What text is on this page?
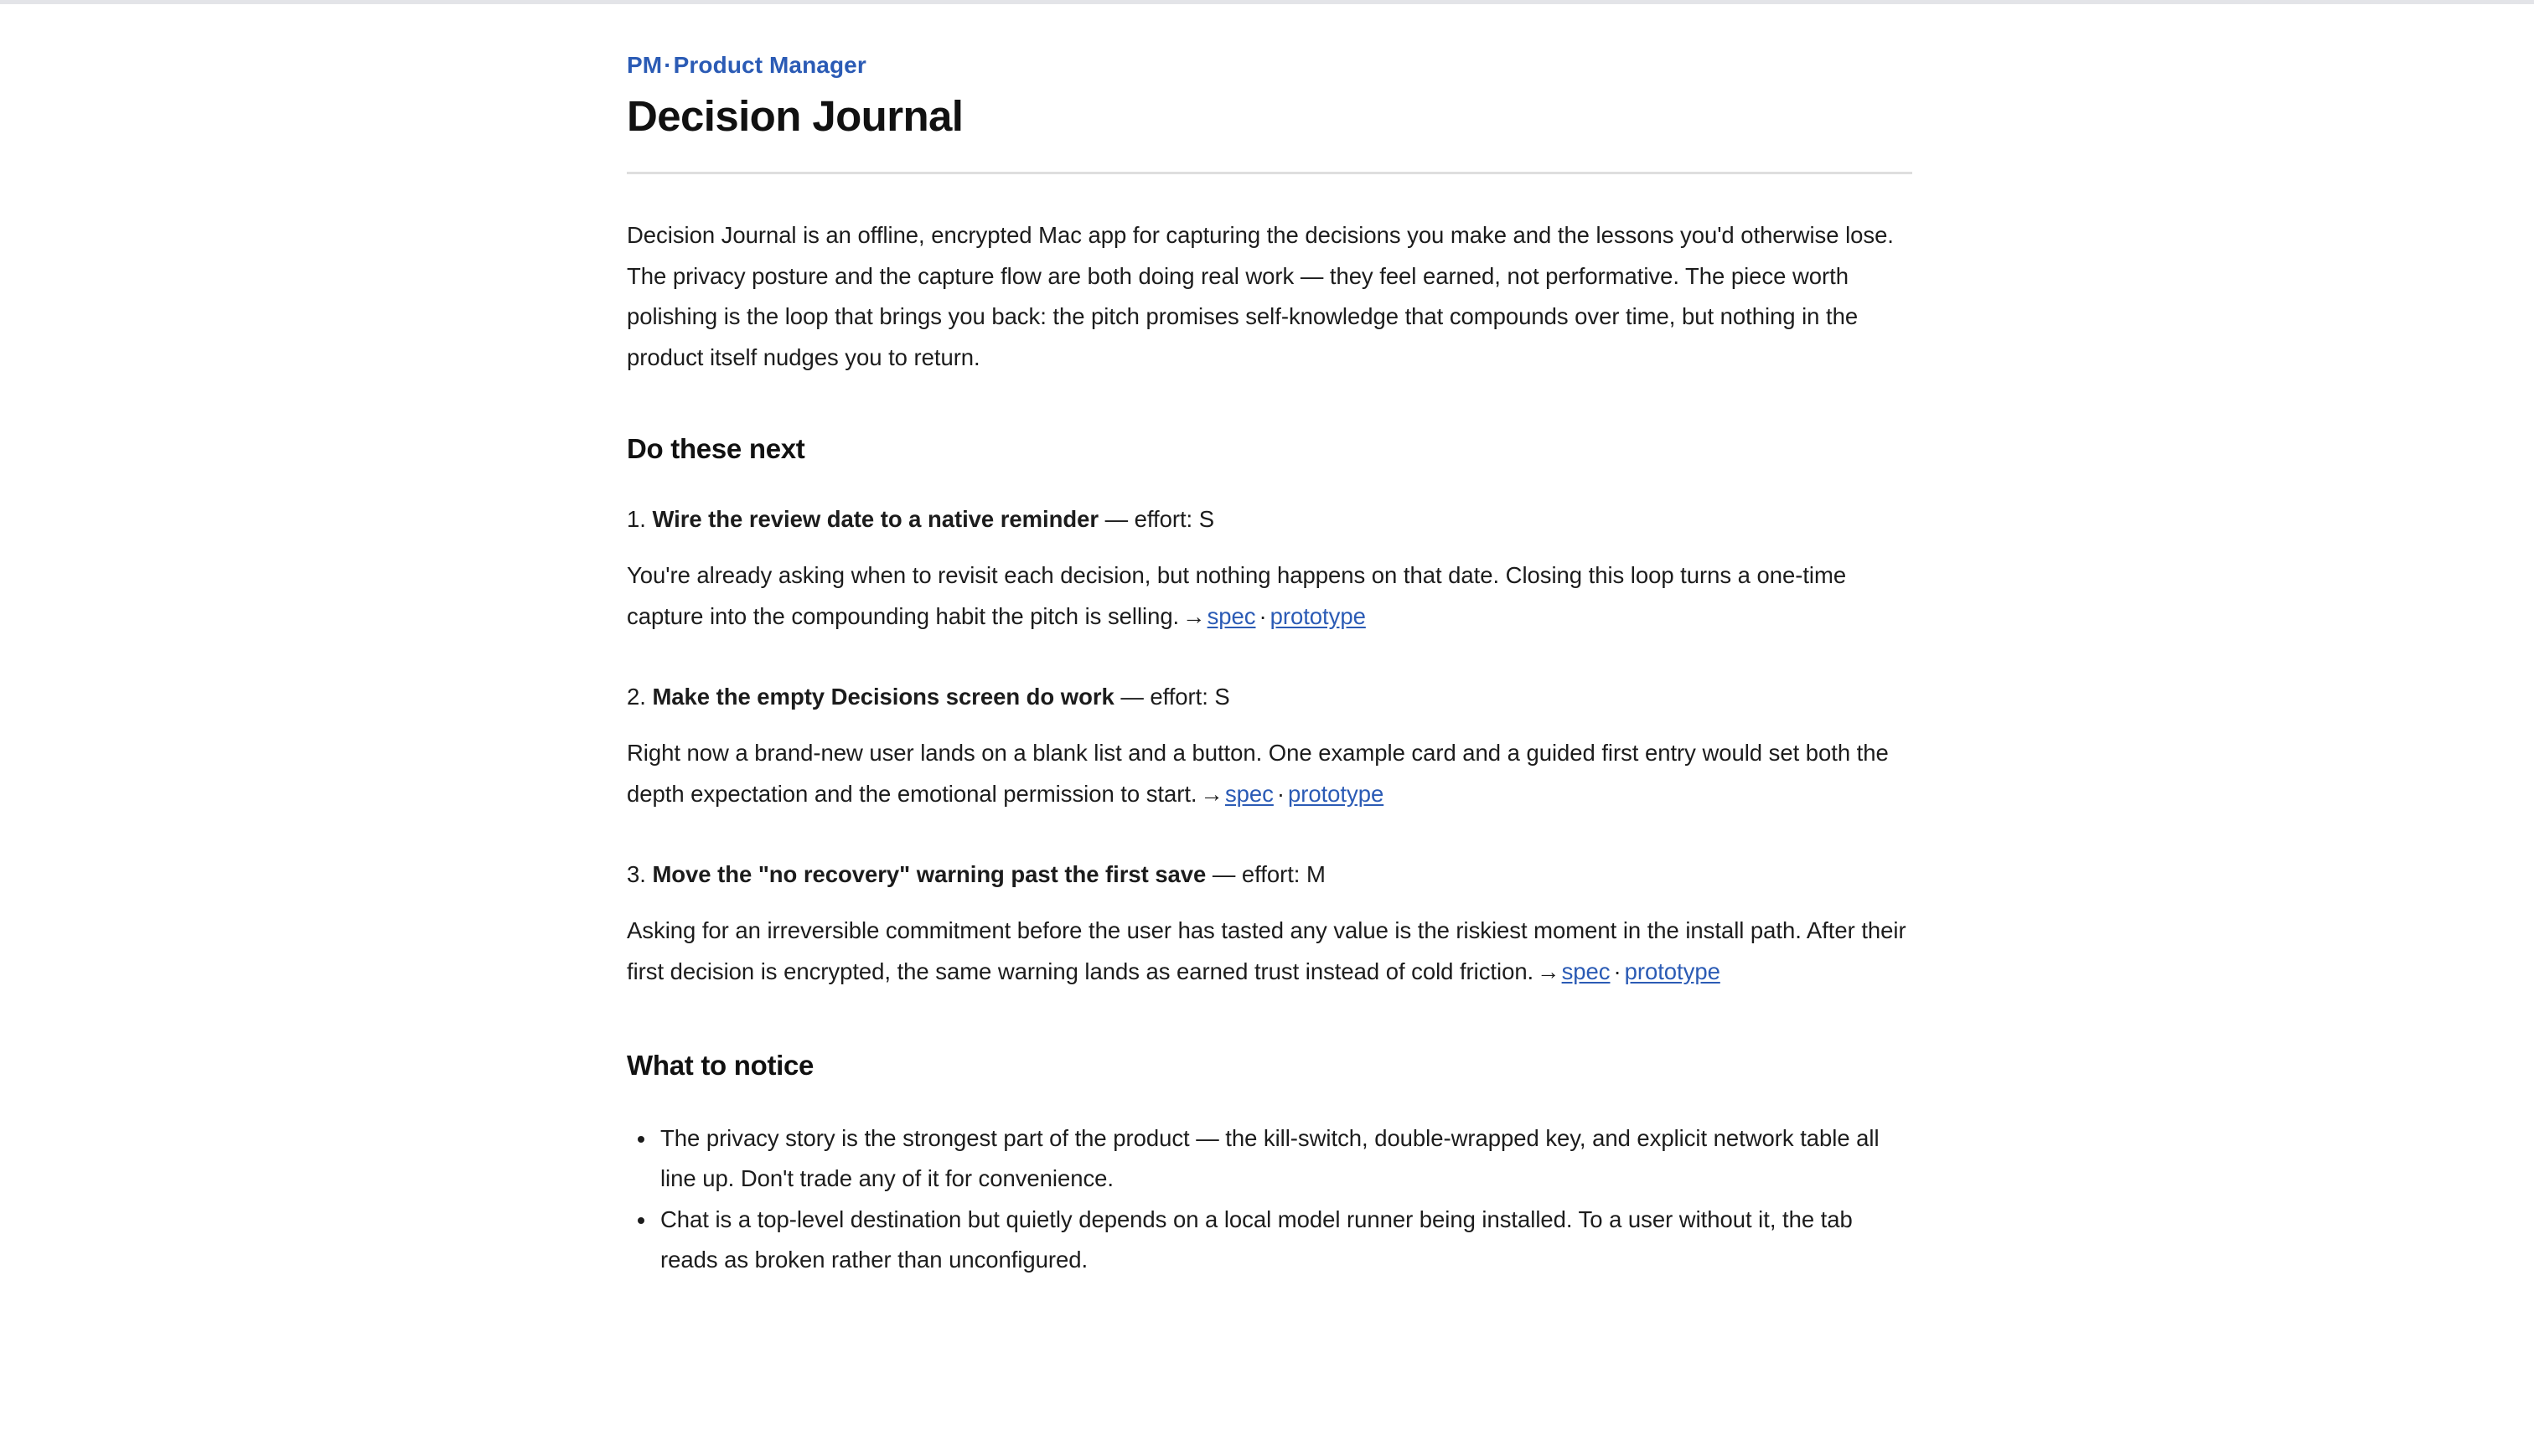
PM·Product Manager
Decision Journal

Decision Journal is an offline, encrypted Mac app for capturing the decisions you make and the lessons you'd otherwise lose. The privacy posture and the capture flow are both doing real work — they feel earned, not performative. The piece worth polishing is the loop that brings you back: the pitch promises self-knowledge that compounds over time, but nothing in the product itself nudges you to return.

Do these next

1. Wire the review date to a native reminder — effort: S

You're already asking when to revisit each decision, but nothing happens on that date. Closing this loop turns a one-time capture into the compounding habit the pitch is selling. →spec · prototype

2. Make the empty Decisions screen do work — effort: S

Right now a brand-new user lands on a blank list and a button. One example card and a guided first entry would set both the depth expectation and the emotional permission to start. →spec · prototype

3. Move the "no recovery" warning past the first save — effort: M

Asking for an irreversible commitment before the user has tasted any value is the riskiest moment in the install path. After their first decision is encrypted, the same warning lands as earned trust instead of cold friction. →spec · prototype

What to notice
• The privacy story is the strongest part of the product — the kill-switch, double-wrapped key, and explicit network table all line up. Don't trade any of it for convenience.
• Chat is a top-level destination but quietly depends on a local model runner being installed. To a user without it, the tab reads as broken rather than unconfigured.
